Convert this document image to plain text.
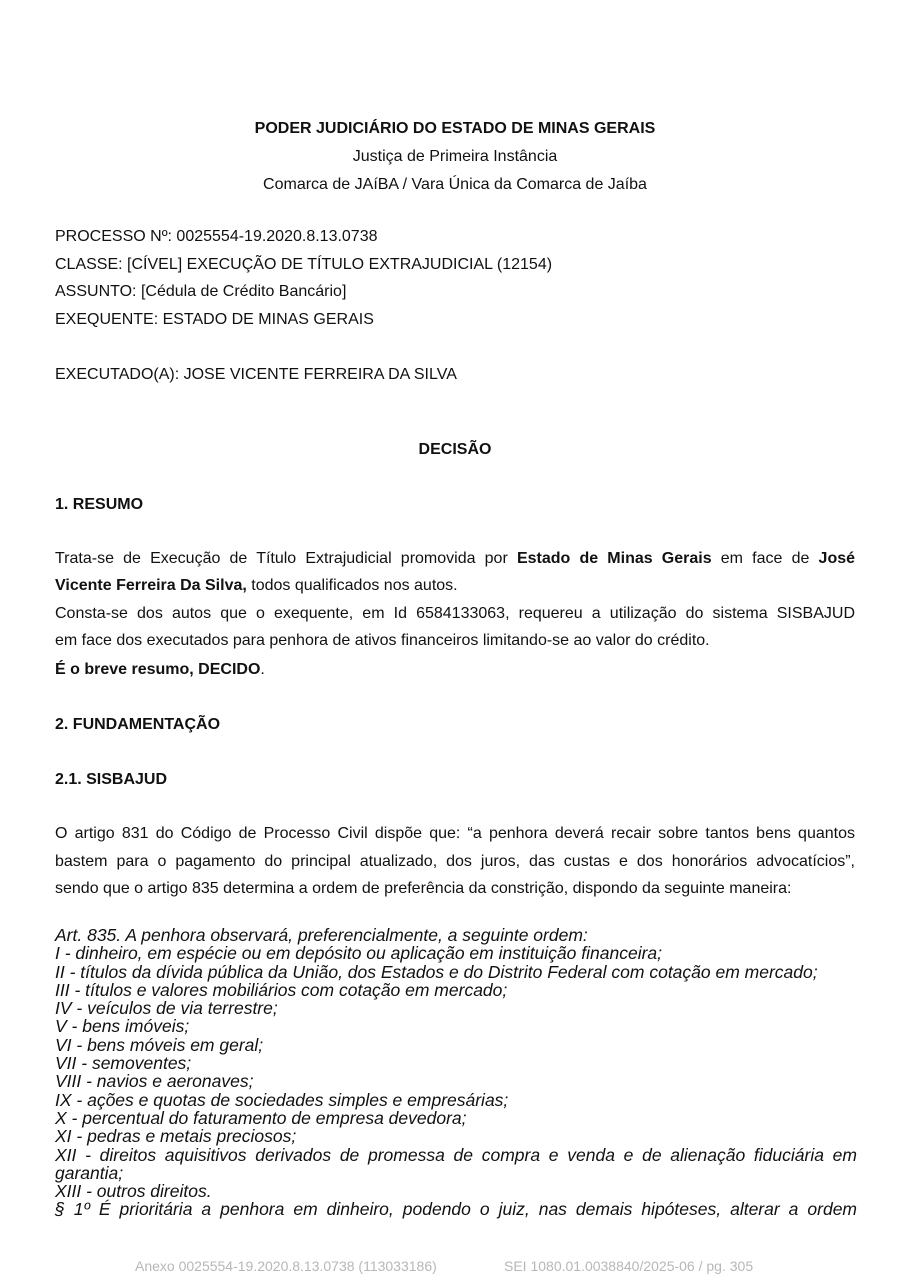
PODER JUDICIÁRIO DO ESTADO DE MINAS GERAIS
Justiça de Primeira Instância
Comarca de JAíBA / Vara Única da Comarca de Jaíba
PROCESSO Nº: 0025554-19.2020.8.13.0738
CLASSE: [CÍVEL] EXECUÇÃO DE TÍTULO EXTRAJUDICIAL (12154)
ASSUNTO: [Cédula de Crédito Bancário]
EXEQUENTE: ESTADO DE MINAS GERAIS
EXECUTADO(A): JOSE VICENTE FERREIRA DA SILVA
DECISÃO
1. RESUMO
Trata-se de Execução de Título Extrajudicial promovida por Estado de Minas Gerais em face de José
Vicente Ferreira Da Silva, todos qualificados nos autos.
Consta-se dos autos que o exequente, em Id 6584133063, requereu a utilização do sistema SISBAJUD
em face dos executados para penhora de ativos financeiros limitando-se ao valor do crédito.
É o breve resumo, DECIDO.
2. FUNDAMENTAÇÃO
2.1. SISBAJUD
O artigo 831 do Código de Processo Civil dispõe que: “a penhora deverá recair sobre tantos bens quantos
bastem para o pagamento do principal atualizado, dos juros, das custas e dos honorários advocatícios”,
sendo que o artigo 835 determina a ordem de preferência da constrição, dispondo da seguinte maneira:
Art. 835. A penhora observará, preferencialmente, a seguinte ordem:
I - dinheiro, em espécie ou em depósito ou aplicação em instituição financeira;
II - títulos da dívida pública da União, dos Estados e do Distrito Federal com cotação em mercado;
III - títulos e valores mobiliários com cotação em mercado;
IV - veículos de via terrestre;
V - bens imóveis;
VI - bens móveis em geral;
VII - semoventes;
VIII - navios e aeronaves;
IX - ações e quotas de sociedades simples e empresárias;
X - percentual do faturamento de empresa devedora;
XI - pedras e metais preciosos;
XII - direitos aquisitivos derivados de promessa de compra e venda e de alienação fiduciária em
garantia;
XIII - outros direitos.
§ 1º É prioritária a penhora em dinheiro, podendo o juiz, nas demais hipóteses, alterar a ordem
Anexo 0025554-19.2020.8.13.0738 (113033186)	SEI 1080.01.0038840/2025-06 / pg. 305
